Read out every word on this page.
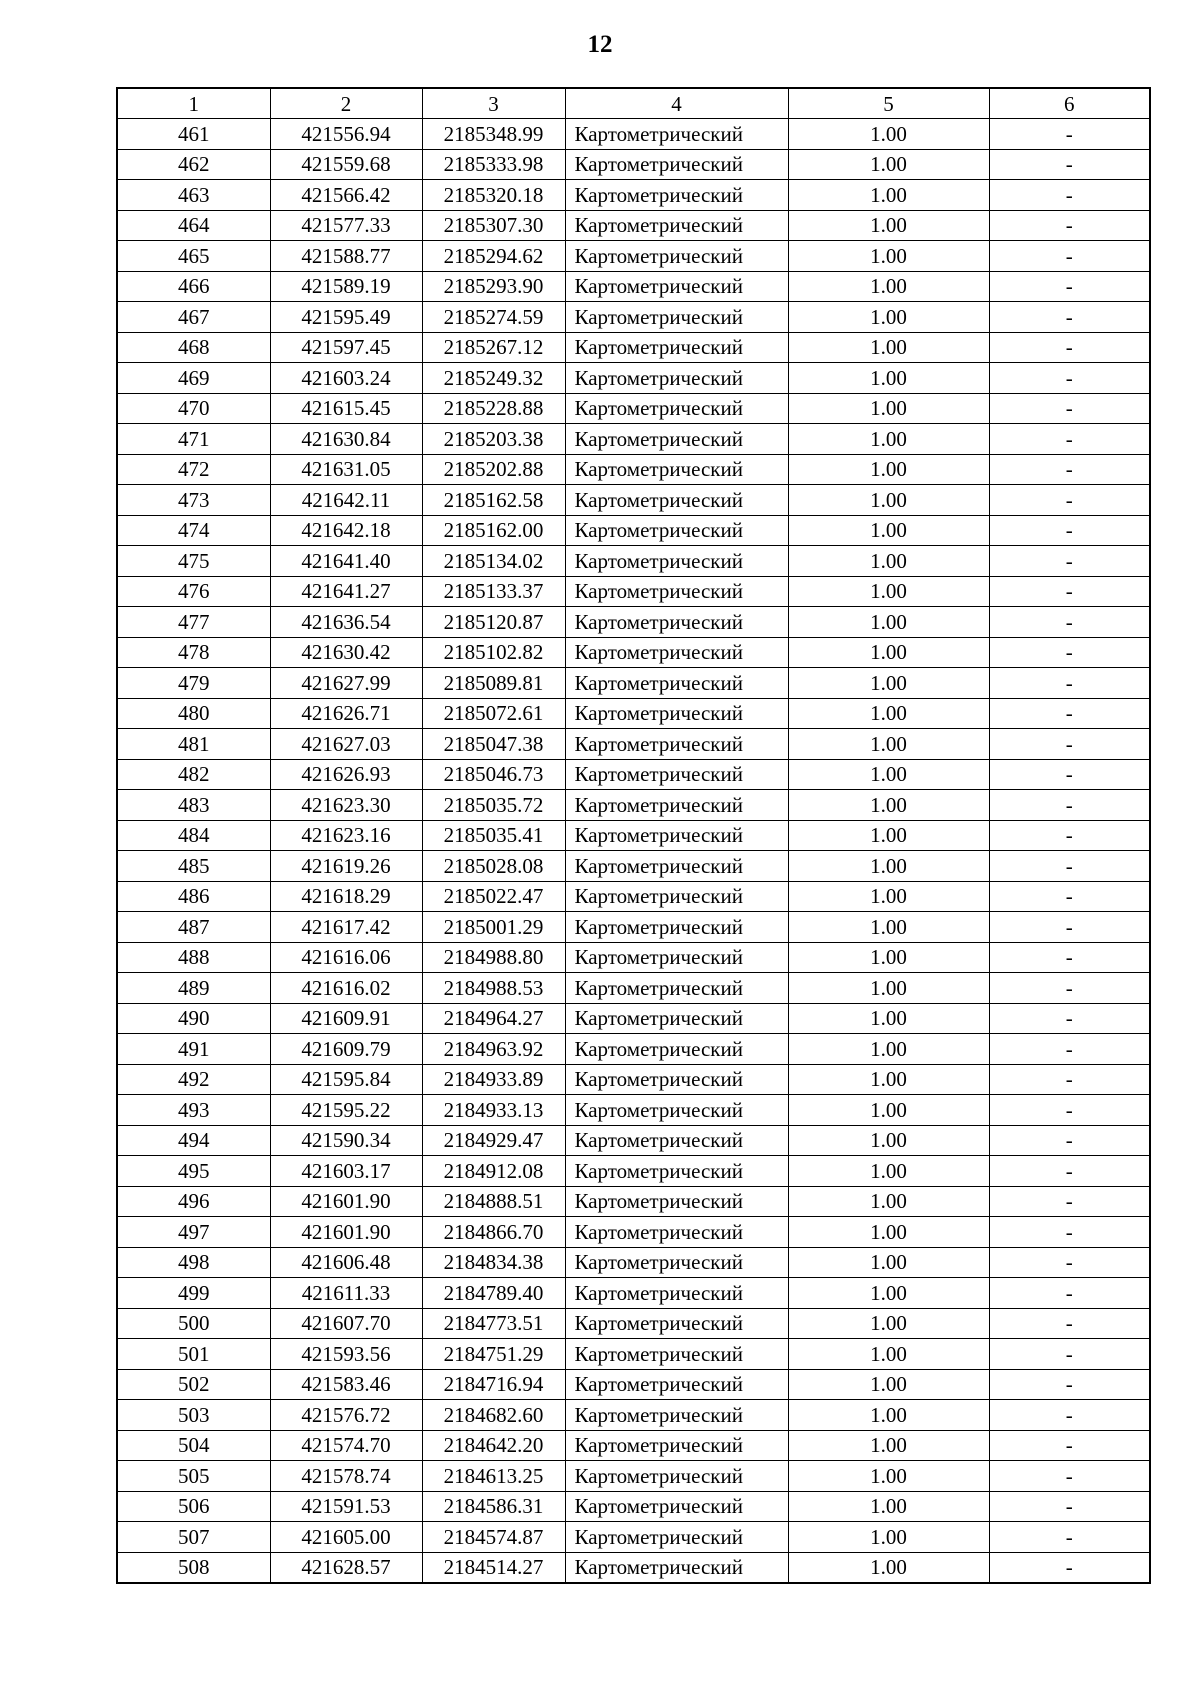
12
1	2	3	4	5	6
461	421556.94	2185348.99	Картометрический	1.00	-
462	421559.68	2185333.98	Картометрический	1.00	-
463	421566.42	2185320.18	Картометрический	1.00	-
464	421577.33	2185307.30	Картометрический	1.00	-
465	421588.77	2185294.62	Картометрический	1.00	-
466	421589.19	2185293.90	Картометрический	1.00	-
467	421595.49	2185274.59	Картометрический	1.00	-
468	421597.45	2185267.12	Картометрический	1.00	-
469	421603.24	2185249.32	Картометрический	1.00	-
470	421615.45	2185228.88	Картометрический	1.00	-
471	421630.84	2185203.38	Картометрический	1.00	-
472	421631.05	2185202.88	Картометрический	1.00	-
473	421642.11	2185162.58	Картометрический	1.00	-
474	421642.18	2185162.00	Картометрический	1.00	-
475	421641.40	2185134.02	Картометрический	1.00	-
476	421641.27	2185133.37	Картометрический	1.00	-
477	421636.54	2185120.87	Картометрический	1.00	-
478	421630.42	2185102.82	Картометрический	1.00	-
479	421627.99	2185089.81	Картометрический	1.00	-
480	421626.71	2185072.61	Картометрический	1.00	-
481	421627.03	2185047.38	Картометрический	1.00	-
482	421626.93	2185046.73	Картометрический	1.00	-
483	421623.30	2185035.72	Картометрический	1.00	-
484	421623.16	2185035.41	Картометрический	1.00	-
485	421619.26	2185028.08	Картометрический	1.00	-
486	421618.29	2185022.47	Картометрический	1.00	-
487	421617.42	2185001.29	Картометрический	1.00	-
488	421616.06	2184988.80	Картометрический	1.00	-
489	421616.02	2184988.53	Картометрический	1.00	-
490	421609.91	2184964.27	Картометрический	1.00	-
491	421609.79	2184963.92	Картометрический	1.00	-
492	421595.84	2184933.89	Картометрический	1.00	-
493	421595.22	2184933.13	Картометрический	1.00	-
494	421590.34	2184929.47	Картометрический	1.00	-
495	421603.17	2184912.08	Картометрический	1.00	-
496	421601.90	2184888.51	Картометрический	1.00	-
497	421601.90	2184866.70	Картометрический	1.00	-
498	421606.48	2184834.38	Картометрический	1.00	-
499	421611.33	2184789.40	Картометрический	1.00	-
500	421607.70	2184773.51	Картометрический	1.00	-
501	421593.56	2184751.29	Картометрический	1.00	-
502	421583.46	2184716.94	Картометрический	1.00	-
503	421576.72	2184682.60	Картометрический	1.00	-
504	421574.70	2184642.20	Картометрический	1.00	-
505	421578.74	2184613.25	Картометрический	1.00	-
506	421591.53	2184586.31	Картометрический	1.00	-
507	421605.00	2184574.87	Картометрический	1.00	-
508	421628.57	2184514.27	Картометрический	1.00	-
